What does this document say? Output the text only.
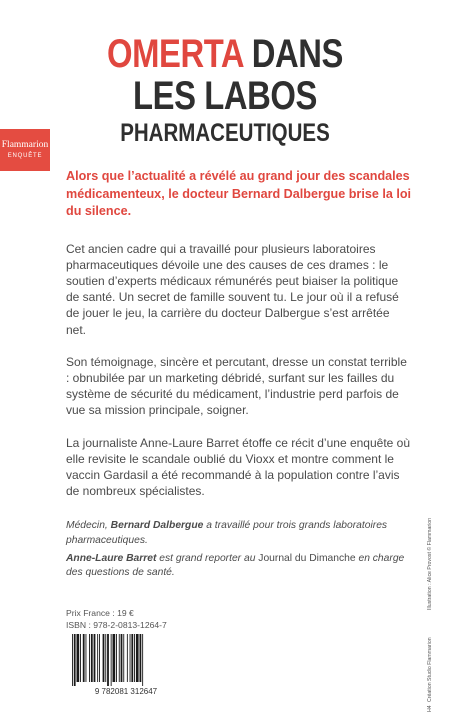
OMERTA DANS
LES LABOS
PHARMACEUTIQUES
Flammarion
ENQUÊTE

Alors que l’actualité a révélé au grand jour des scandales médicamenteux, le docteur Bernard Dalbergue brise la loi du silence.

Cet ancien cadre qui a travaillé pour plusieurs laboratoires pharmaceutiques dévoile une des causes de ces drames : le soutien d’experts médicaux rémunérés peut biaiser la politique de santé. Un secret de famille souvent tu. Le jour où il a refusé de jouer le jeu, la carrière du docteur Dalbergue s’est arrêtée net.

Son témoignage, sincère et percutant, dresse un constat terrible : obnubilée par un marketing débridé, surfant sur les failles du système de sécurité du médicament, l’industrie perd parfois de vue sa mission principale, soigner.

La journaliste Anne-Laure Barret étoffe ce récit d’une enquête où elle revisite le scandale oublié du Vioxx et montre comment le vaccin Gardasil a été recommandé à la population contre l’avis de nombreux spécialistes.

Médecin, Bernard Dalbergue a travaillé pour trois grands laboratoires pharmaceutiques.

Anne-Laure Barret est grand reporter au Journal du Dimanche en charge des questions de santé.

Prix France : 19 €
ISBN : 978-2-0813-1264-7
9 782081 312647
H4
Création Studio Flammarion
Illustration : Alice Provost © Flammarion
